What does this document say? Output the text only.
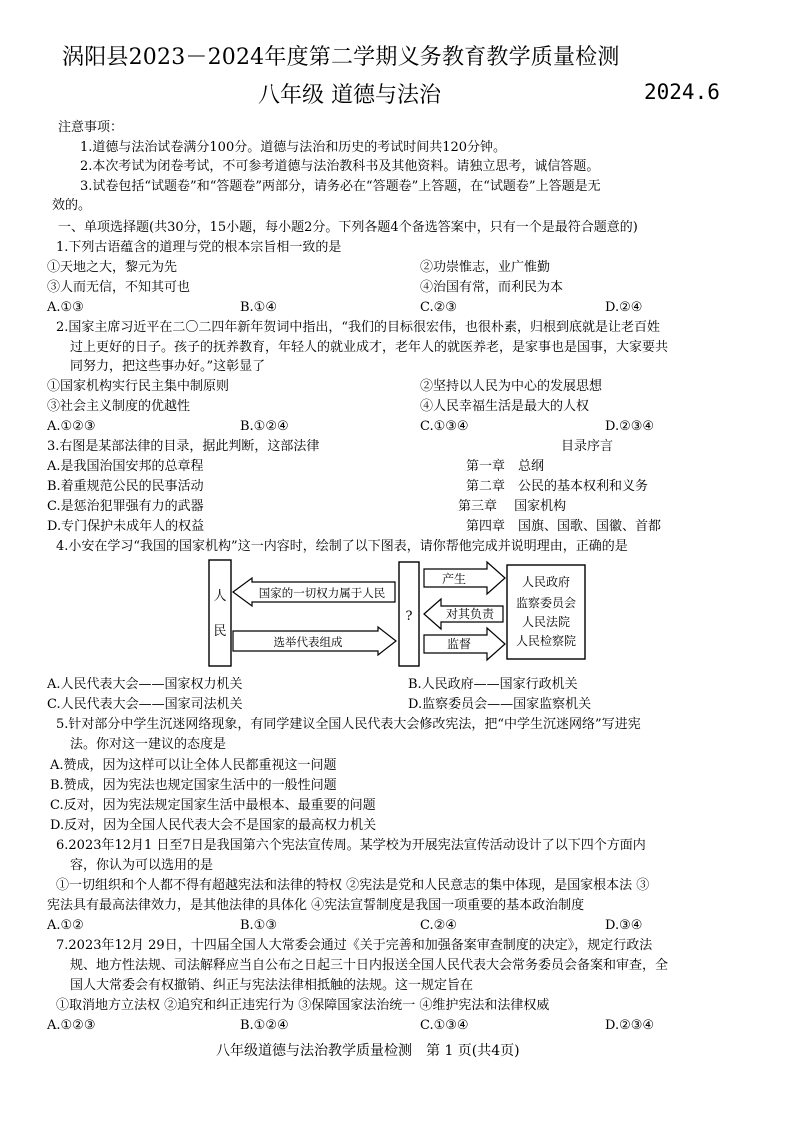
涡阳县2023－2024年度第二学期义务教育教学质量检测
八年级 道德与法治	2024.6
注意事项：
1.道德与法治试卷满分100分。道德与法治和历史的考试时间共120分钟。
2.本次考试为闭卷考试，不可参考道德与法治教科书及其他资料。请独立思考，诚信答题。
3.试卷包括“试题卷”和“答题卷”两部分，请务必在“答题卷”上答题，在“试题卷”上答题是无
效的。
一、单项选择题(共30分，15小题，每小题2分。下列各题4个备选答案中，只有一个是最符合题意的)
1.下列古语蕴含的道理与党的根本宗旨相一致的是
①天地之大，黎元为先	②功崇惟志，业广惟勤
③人而无信，不知其可也	④治国有常，而利民为本
A.①③	B.①④	C.②③	D.②④
2.国家主席习近平在二〇二四年新年贺词中指出，“我们的目标很宏伟，也很朴素，归根到底就是让老百姓
过上更好的日子。孩子的抚养教育，年轻人的就业成才，老年人的就医养老，是家事也是国事，大家要共
同努力，把这些事办好。”这彰显了
①国家机构实行民主集中制原则	②坚持以人民为中心的发展思想
③社会主义制度的优越性	④人民幸福生活是最大的人权
A.①②③	B.①②④	C.①③④	D.②③④
3.右图是某部法律的目录，据此判断，这部法律
A.是我国治国安邦的总章程
B.着重规范公民的民事活动
C.是惩治犯罪强有力的武器
D.专门保护未成年人的权益
目录序言
第一章　总纲
第二章　公民的基本权利和义务
第三章　 国家机构
第四章　国旗、国歌、国徽、首都
4.小安在学习“我国的国家机构”这一内容时，绘制了以下图表，请你帮他完成并说明理由，正确的是
人
民
国家的一切权力属于人民
选举代表组成
?
产生
对其负责
监督
人民政府
监察委员会
人民法院
人民检察院
A.人民代表大会——国家权力机关	B.人民政府——国家行政机关
C.人民代表大会——国家司法机关	D.监察委员会——国家监察机关
5.针对部分中学生沉迷网络现象，有同学建议全国人民代表大会修改宪法，把“中学生沉迷网络”写进宪
法。你对这一建议的态度是
A.赞成，因为这样可以让全体人民都重视这一问题
B.赞成，因为宪法也规定国家生活中的一般性问题
C.反对，因为宪法规定国家生活中最根本、最重要的问题
D.反对，因为全国人民代表大会不是国家的最高权力机关
6.2023年12月1 日至7日是我国第六个宪法宣传周。某学校为开展宪法宣传活动设计了以下四个方面内
容，你认为可以选用的是
①一切组织和个人都不得有超越宪法和法律的特权 ②宪法是党和人民意志的集中体现，是国家根本法 ③
宪法具有最高法律效力，是其他法律的具体化 ④宪法宣誓制度是我国一项重要的基本政治制度
A.①②	B.①③	C.②④	D.③④
7.2023年12月 29日，十四届全国人大常委会通过《关于完善和加强备案审查制度的决定》，规定行政法
规、地方性法规、司法解释应当自公布之日起三十日内报送全国人民代表大会常务委员会备案和审查，全
国人大常委会有权撤销、纠正与宪法法律相抵触的法规。这一规定旨在
①取消地方立法权 ②追究和纠正违宪行为 ③保障国家法治统一 ④维护宪法和法律权威
A.①②③	B.①②④	C.①③④	D.②③④
八年级道德与法治教学质量检测　第 1 页(共4页)
